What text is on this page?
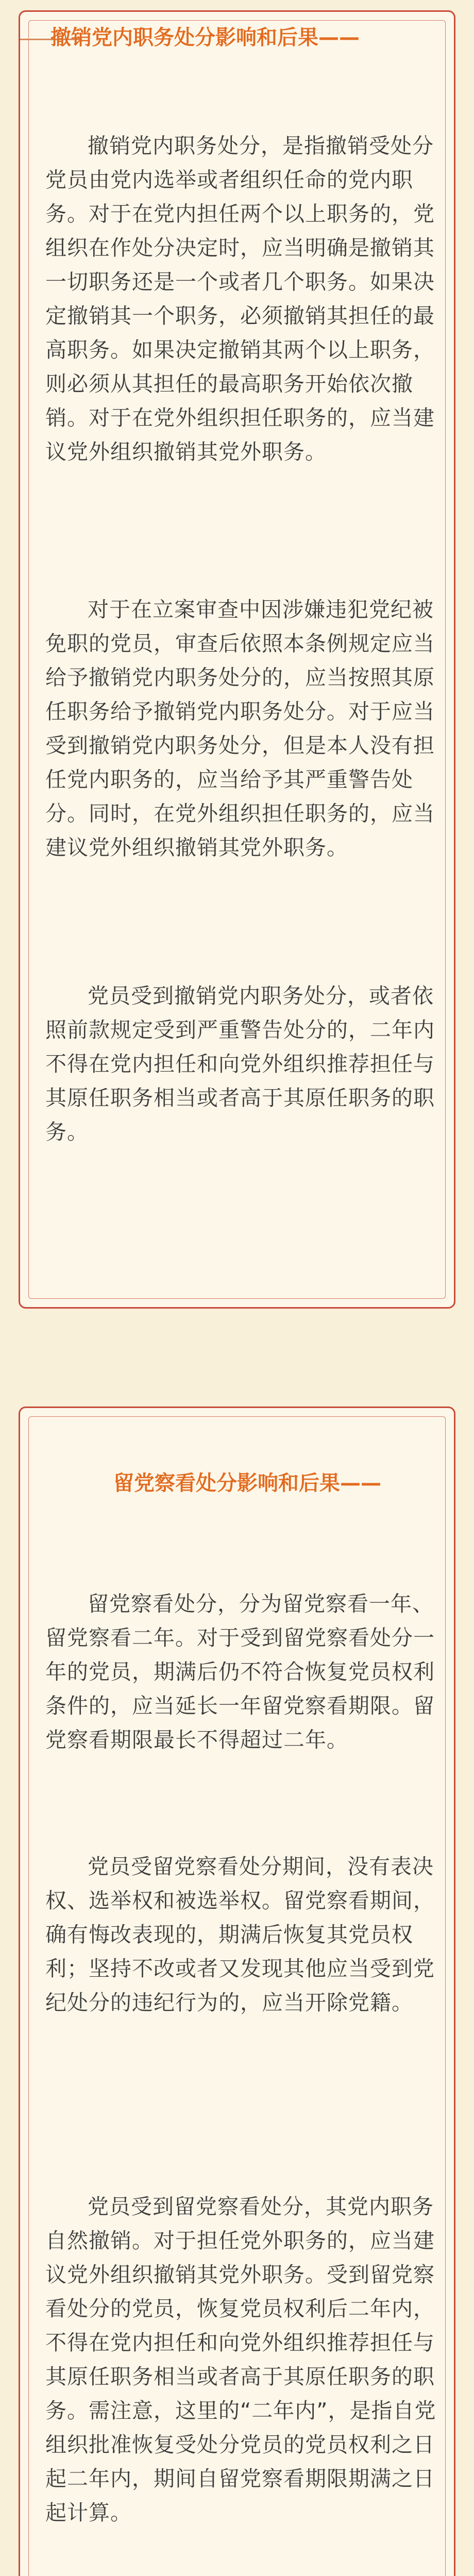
撤销党内职务处分影响和后果——

撤销党内职务处分，是指撤销受处分党员由党内选举或者组织任命的党内职务。对于在党内担任两个以上职务的，党组织在作处分决定时，应当明确是撤销其一切职务还是一个或者几个职务。如果决定撤销其一个职务，必须撤销其担任的最高职务。如果决定撤销其两个以上职务，则必须从其担任的最高职务开始依次撤销。对于在党外组织担任职务的，应当建议党外组织撤销其党外职务。

对于在立案审查中因涉嫌违犯党纪被免职的党员，审查后依照本条例规定应当给予撤销党内职务处分的，应当按照其原任职务给予撤销党内职务处分。对于应当受到撤销党内职务处分，但是本人没有担任党内职务的，应当给予其严重警告处分。同时，在党外组织担任职务的，应当建议党外组织撤销其党外职务。

党员受到撤销党内职务处分，或者依照前款规定受到严重警告处分的，二年内不得在党内担任和向党外组织推荐担任与其原任职务相当或者高于其原任职务的职务。

留党察看处分影响和后果——

留党察看处分，分为留党察看一年、留党察看二年。对于受到留党察看处分一年的党员，期满后仍不符合恢复党员权利条件的，应当延长一年留党察看期限。留党察看期限最长不得超过二年。

党员受留党察看处分期间，没有表决权、选举权和被选举权。留党察看期间，确有悔改表现的，期满后恢复其党员权利；坚持不改或者又发现其他应当受到党纪处分的违纪行为的，应当开除党籍。

党员受到留党察看处分，其党内职务自然撤销。对于担任党外职务的，应当建议党外组织撤销其党外职务。受到留党察看处分的党员，恢复党员权利后二年内，不得在党内担任和向党外组织推荐担任与其原任职务相当或者高于其原任职务的职务。需注意，这里的“二年内”，是指自党组织批准恢复受处分党员的党员权利之日起二年内，期间自留党察看期限期满之日起计算。
